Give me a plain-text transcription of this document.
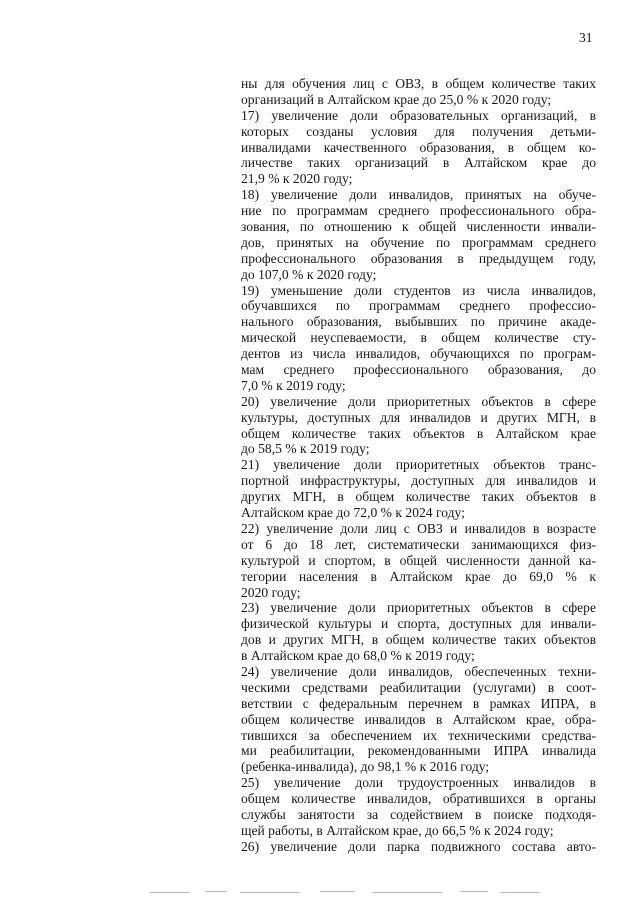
31
ны для обучения лиц с ОВЗ, в общем количестве таких
организаций в Алтайском крае до 25,0 % к 2020 году;
17) увеличение доли образовательных организаций, в
которых созданы условия для получения детьми-
инвалидами качественного образования, в общем ко-
личестве таких организаций в Алтайском крае до
21,9 % к 2020 году;
18) увеличение доли инвалидов, принятых на обуче-
ние по программам среднего профессионального обра-
зования, по отношению к общей численности инвали-
дов, принятых на обучение по программам среднего
профессионального образования в предыдущем году,
до 107,0 % к 2020 году;
19) уменьшение доли студентов из числа инвалидов,
обучавшихся по программам среднего профессио-
нального образования, выбывших по причине акаде-
мической неуспеваемости, в общем количестве сту-
дентов из числа инвалидов, обучающихся по програм-
мам среднего профессионального образования, до
7,0 % к 2019 году;
20) увеличение доли приоритетных объектов в сфере
культуры, доступных для инвалидов и других МГН, в
общем количестве таких объектов в Алтайском крае
до 58,5 % к 2019 году;
21) увеличение доли приоритетных объектов транс-
портной инфраструктуры, доступных для инвалидов и
других МГН, в общем количестве таких объектов в
Алтайском крае до 72,0 % к 2024 году;
22) увеличение доли лиц с ОВЗ и инвалидов в возрасте
от 6 до 18 лет, систематически занимающихся физ-
культурой и спортом, в общей численности данной ка-
тегории населения в Алтайском крае до 69,0 % к
2020 году;
23) увеличение доли приоритетных объектов в сфере
физической культуры и спорта, доступных для инвали-
дов и других МГН, в общем количестве таких объектов
в Алтайском крае до 68,0 % к 2019 году;
24) увеличение доли инвалидов, обеспеченных техни-
ческими средствами реабилитации (услугами) в соот-
ветствии с федеральным перечнем в рамках ИПРА, в
общем количестве инвалидов в Алтайском крае, обра-
тившихся за обеспечением их техническими средства-
ми реабилитации, рекомендованными ИПРА инвалида
(ребенка-инвалида), до 98,1 % к 2016 году;
25) увеличение доли трудоустроенных инвалидов в
общем количестве инвалидов, обратившихся в органы
службы занятости за содействием в поиске подходя-
щей работы, в Алтайском крае, до 66,5 % к 2024 году;
26) увеличение доли парка подвижного состава авто-
